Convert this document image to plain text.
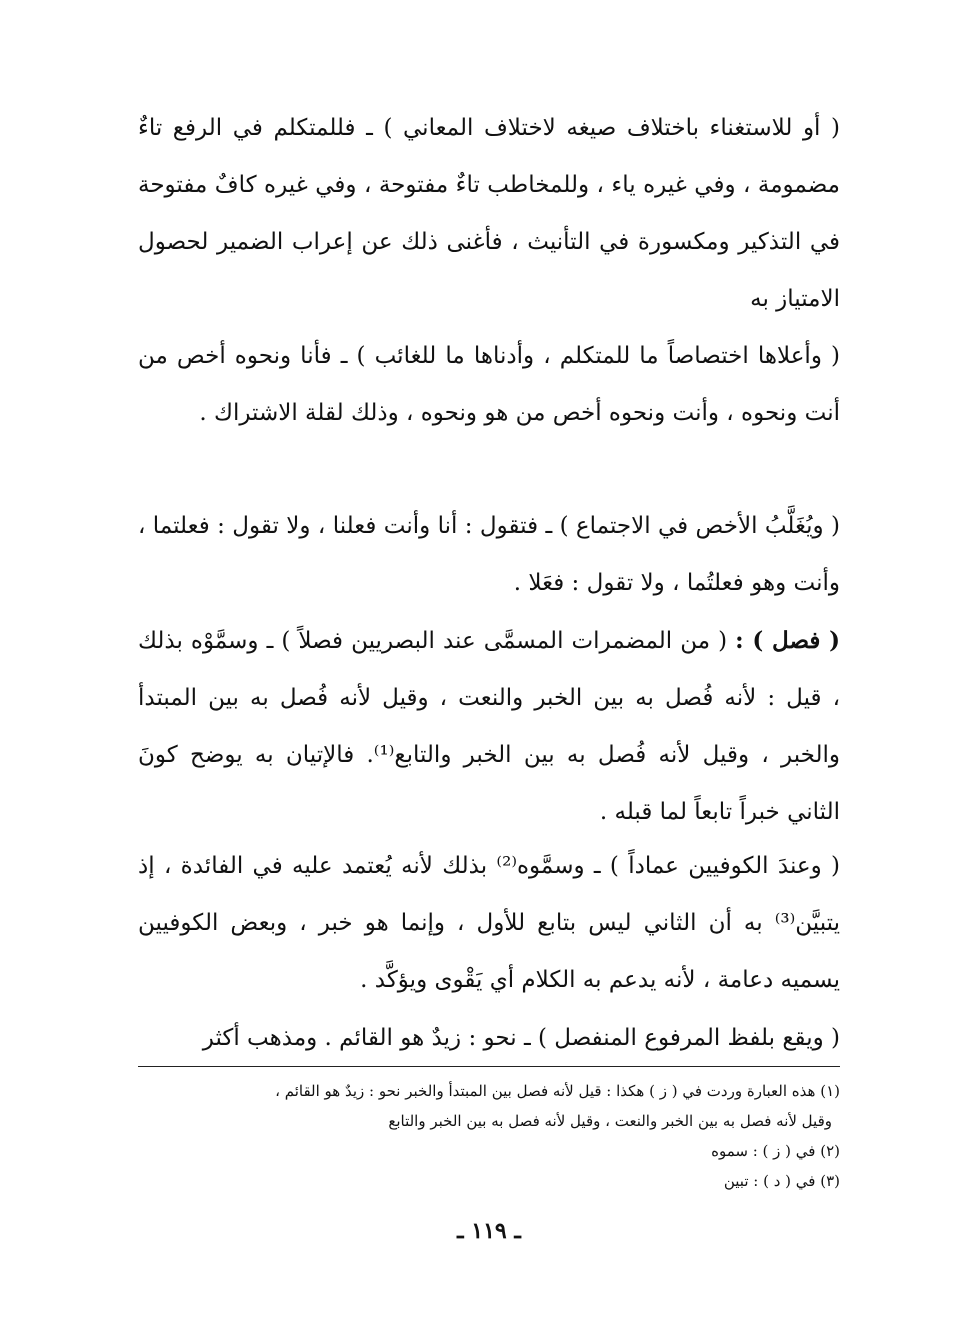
( أو للاستغناء باختلاف صيغه لاختلاف المعاني ) ـ فللمتكلم في الرفع تاءٌ مضمومة ، وفي غيره ياء ، وللمخاطب تاءٌ مفتوحة ، وفي غيره كافٌ مفتوحة في التذكير ومكسورة في التأنيث ، فأغنى ذلك عن إعراب الضمير لحصول الامتياز به

( وأعلاها اختصاصاً ما للمتكلم ، وأدناها ما للغائب ) ـ فأنا ونحوه أخص من أنت ونحوه ، وأنت ونحوه أخص من هو ونحوه ، وذلك لقلة الاشتراك .

( ويُغَلَّبُ الأخص في الاجتماع ) ـ فتقول : أنا وأنت فعلنا ، ولا تقول : فعلتما ، وأنت وهو فعلتُما ، ولا تقول : فعَلا .

( فصل ) : ( من المضمرات المسمَّى عند البصريين فصلاً ) ـ وسمَّوْه بذلك ، قيل : لأنه فُصل به بين الخبر والنعت ، وقيل لأنه فُصل به بين المبتدأ والخبر ، وقيل لأنه فُصل به بين الخبر والتابع⁽¹⁾. فالإتيان به يوضح كونَ الثاني خبراً تابعاً لما قبله .

( وعندَ الكوفيين عماداً ) ـ وسمَّوه⁽²⁾ بذلك لأنه يُعتمد عليه في الفائدة ، إذ يتبيَّن⁽³⁾ به أن الثاني ليس بتابع للأول ، وإنما هو خبر ، وبعض الكوفيين يسميه دعامة ، لأنه يدعم به الكلام أي يَقْوى ويؤكَّد .

( ويقع بلفظ المرفوع المنفصل ) ـ نحو : زيدٌ هو القائم . ومذهب أكثر

(١) هذه العبارة وردت في ( ز ) هكذا : قيل لأنه فصل بين المبتدأ والخبر نحو : زيدٌ هو القائم ،
وقيل لأنه فصل به بين الخبر والنعت ، وقيل لأنه فصل به بين الخبر والتابع
(٢) في ( ز ) : سموه
(٣) في ( د ) : تبين
ـ ١١٩ ـ
